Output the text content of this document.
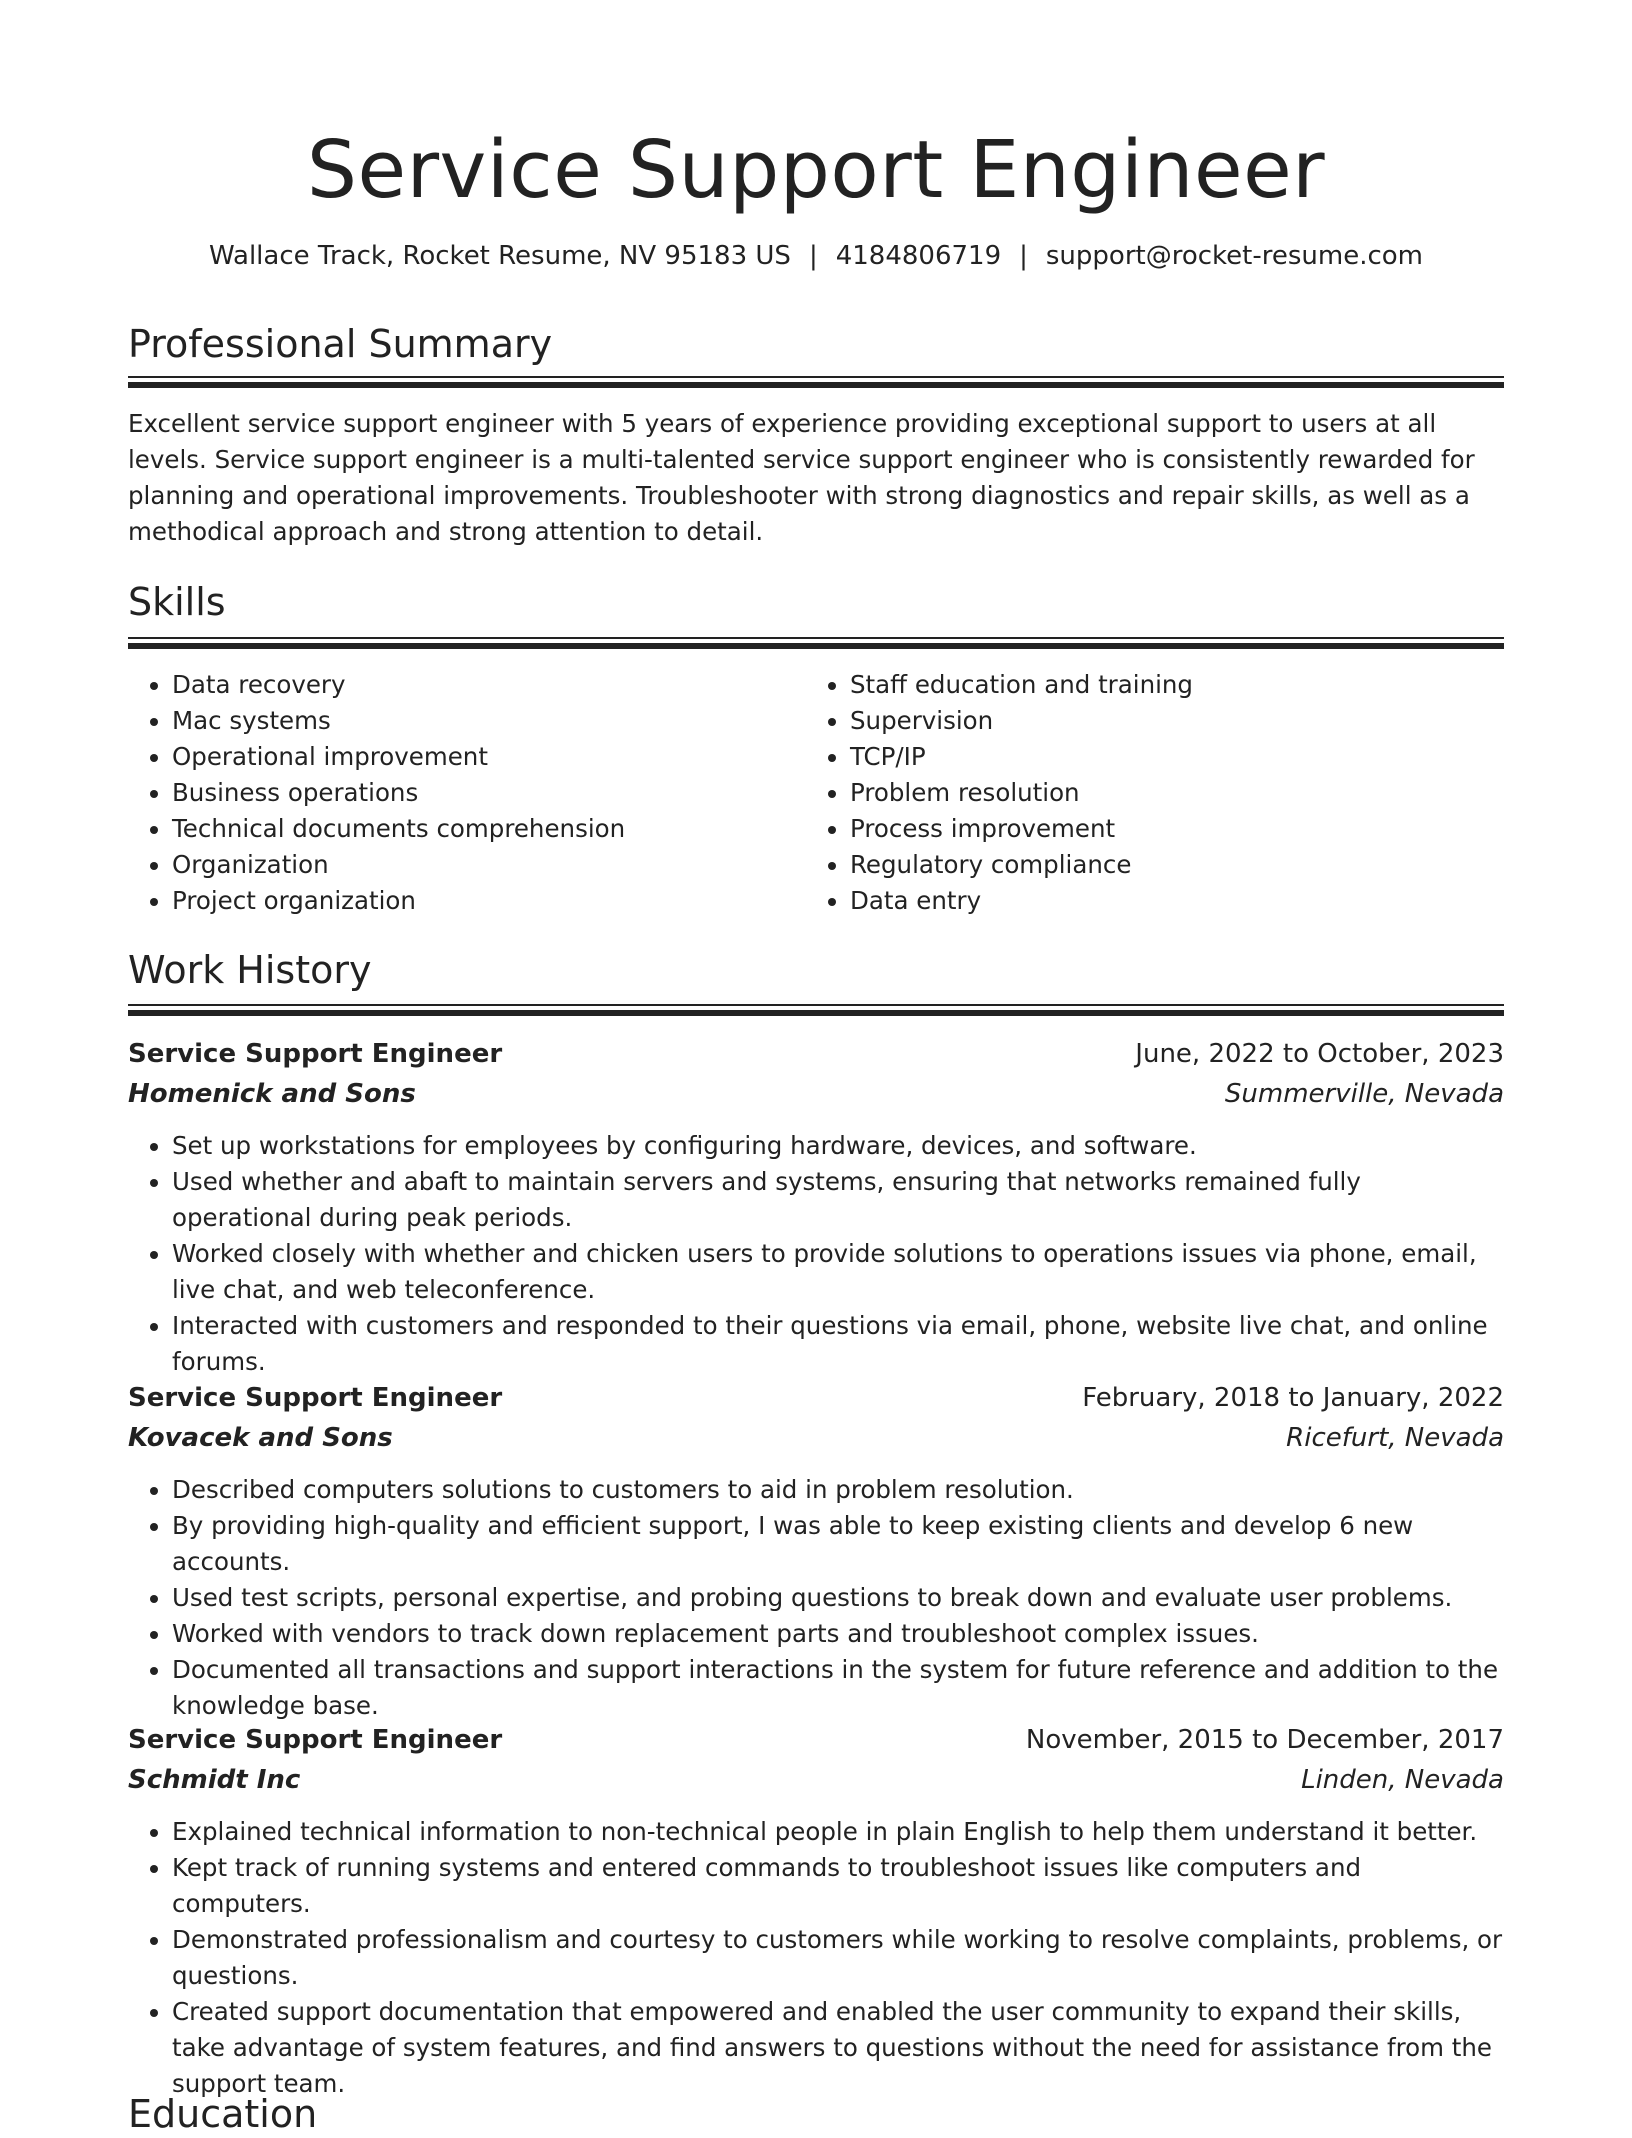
Service Support Engineer
Wallace Track, Rocket Resume, NV 95183 US | 4184806719 | support@rocket-resume.com
Professional Summary

Excellent service support engineer with 5 years of experience providing exceptional support to users at all levels. Service support engineer is a multi-talented service support engineer who is consistently rewarded for planning and operational improvements. Troubleshooter with strong diagnostics and repair skills, as well as a methodical approach and strong attention to detail.

Skills
• Data recovery
• Mac systems
• Operational improvement
• Business operations
• Technical documents comprehension
• Organization
• Project organization
• Staff education and training
• Supervision
• TCP/IP
• Problem resolution
• Process improvement
• Regulatory compliance
• Data entry
Work History
Service Support Engineer	June, 2022 to October, 2023
Homenick and Sons	Summerville, Nevada
• Set up workstations for employees by configuring hardware, devices, and software.
• Used whether and abaft to maintain servers and systems, ensuring that networks remained fully operational during peak periods.
• Worked closely with whether and chicken users to provide solutions to operations issues via phone, email, live chat, and web teleconference.
• Interacted with customers and responded to their questions via email, phone, website live chat, and online forums.
Service Support Engineer	February, 2018 to January, 2022
Kovacek and Sons	Ricefurt, Nevada
• Described computers solutions to customers to aid in problem resolution.
• By providing high-quality and efficient support, I was able to keep existing clients and develop 6 new accounts.
• Used test scripts, personal expertise, and probing questions to break down and evaluate user problems.
• Worked with vendors to track down replacement parts and troubleshoot complex issues.
• Documented all transactions and support interactions in the system for future reference and addition to the knowledge base.
Service Support Engineer	November, 2015 to December, 2017
Schmidt Inc	Linden, Nevada
• Explained technical information to non-technical people in plain English to help them understand it better.
• Kept track of running systems and entered commands to troubleshoot issues like computers and computers.
• Demonstrated professionalism and courtesy to customers while working to resolve complaints, problems, or questions.
• Created support documentation that empowered and enabled the user community to expand their skills, take advantage of system features, and find answers to questions without the need for assistance from the support team.
Education
